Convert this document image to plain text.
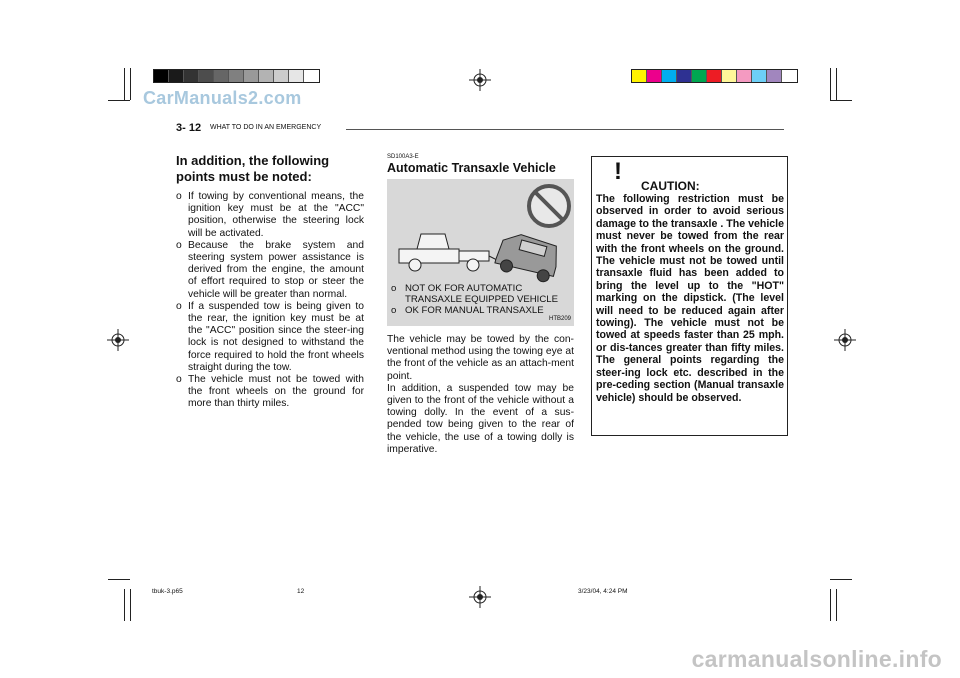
CarManuals2.com
carmanualsonline.info
3- 12 WHAT TO DO IN AN EMERGENCY
In addition, the following points must be noted:
o If towing by conventional means, the ignition key must be at the "ACC" position, otherwise the steering lock will be activated.
o Because the brake system and steering system power assistance is derived from the engine, the amount of effort required to stop or steer the vehicle will be greater than normal.
o If a suspended tow is being given to the rear, the ignition key must be at the "ACC" position since the steer-ing lock is not designed to withstand the force required to hold the front wheels straight during the tow.
o The vehicle must not be towed with the front wheels on the ground for more than thirty miles.
SD100A3-E
Automatic Transaxle Vehicle
o NOT OK FOR AUTOMATIC TRANSAXLE EQUIPPED VEHICLE
o OK FOR MANUAL TRANSAXLE
HTB209
The vehicle may be towed by the con-ventional method using the towing eye at the front of the vehicle as an attach-ment point.
In addition, a suspended tow may be given to the front of the vehicle without a towing dolly. In the event of a sus-pended tow being given to the rear of the vehicle, the use of a towing dolly is imperative.
!
CAUTION:
The following restriction must be observed in order to avoid serious damage to the transaxle . The vehicle must never be towed from the rear with the front wheels on the ground. The vehicle must not be towed until transaxle fluid has been added to bring the level up to the "HOT" marking on the dipstick. (The level will need to be reduced again after towing). The vehicle must not be towed at speeds faster than 25 mph. or dis-tances greater than fifty miles. The general points regarding the steer-ing lock etc. described in the pre-ceding section (Manual transaxle vehicle) should be observed.
tbuk-3.p65	12	3/23/04, 4:24 PM
